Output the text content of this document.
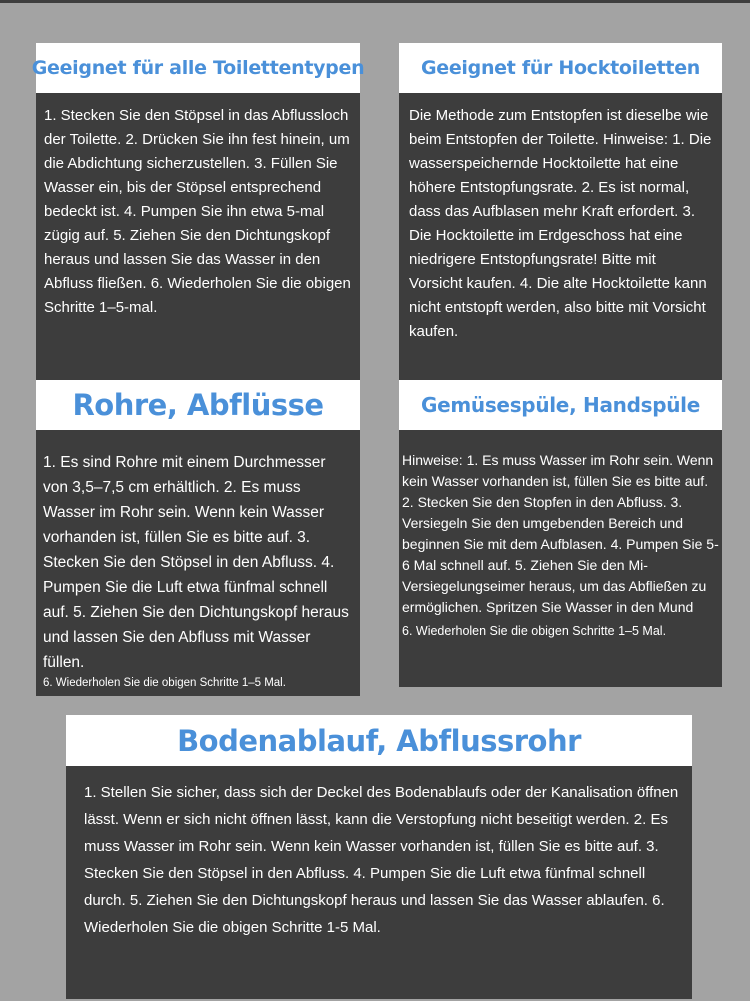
Geeignet für alle Toilettentypen

1. Stecken Sie den Stöpsel in das Abflussloch der Toilette. 2. Drücken Sie ihn fest hinein, um die Abdichtung sicherzustellen. 3. Füllen Sie Wasser ein, bis der Stöpsel entsprechend bedeckt ist. 4. Pumpen Sie ihn etwa 5-mal zügig auf. 5. Ziehen Sie den Dichtungskopf heraus und lassen Sie das Wasser in den Abfluss fließen. 6. Wiederholen Sie die obigen Schritte 1–5-mal.

Geeignet für Hocktoiletten

Die Methode zum Entstopfen ist dieselbe wie beim Entstopfen der Toilette. Hinweise: 1. Die wasserspeichernde Hocktoilette hat eine höhere Entstopfungsrate. 2. Es ist normal, dass das Aufblasen mehr Kraft erfordert. 3. Die Hocktoilette im Erdgeschoss hat eine niedrigere Entstopfungsrate! Bitte mit Vorsicht kaufen. 4. Die alte Hocktoilette kann nicht entstopft werden, also bitte mit Vorsicht kaufen.

Rohre, Abflüsse

1. Es sind Rohre mit einem Durchmesser von 3,5–7,5 cm erhältlich. 2. Es muss Wasser im Rohr sein. Wenn kein Wasser vorhanden ist, füllen Sie es bitte auf. 3. Stecken Sie den Stöpsel in den Abfluss. 4. Pumpen Sie die Luft etwa fünfmal schnell auf. 5. Ziehen Sie den Dichtungskopf heraus und lassen Sie den Abfluss mit Wasser füllen.

6. Wiederholen Sie die obigen Schritte 1–5 Mal.

Gemüsespüle, Handspüle

Hinweise: 1. Es muss Wasser im Rohr sein. Wenn kein Wasser vorhanden ist, füllen Sie es bitte auf. 2. Stecken Sie den Stopfen in den Abfluss. 3. Versiegeln Sie den umgebenden Bereich und beginnen Sie mit dem Aufblasen. 4. Pumpen Sie 5-6 Mal schnell auf. 5. Ziehen Sie den Mi-Versiegelungseimer heraus, um das Abfließen zu ermöglichen. Spritzen Sie Wasser in den Mund

6. Wiederholen Sie die obigen Schritte 1–5 Mal.

Bodenablauf, Abflussrohr

1. Stellen Sie sicher, dass sich der Deckel des Bodenablaufs oder der Kanalisation öffnen lässt. Wenn er sich nicht öffnen lässt, kann die Verstopfung nicht beseitigt werden. 2. Es muss Wasser im Rohr sein. Wenn kein Wasser vorhanden ist, füllen Sie es bitte auf. 3. Stecken Sie den Stöpsel in den Abfluss. 4. Pumpen Sie die Luft etwa fünfmal schnell durch. 5. Ziehen Sie den Dichtungskopf heraus und lassen Sie das Wasser ablaufen. 6. Wiederholen Sie die obigen Schritte 1-5 Mal.
